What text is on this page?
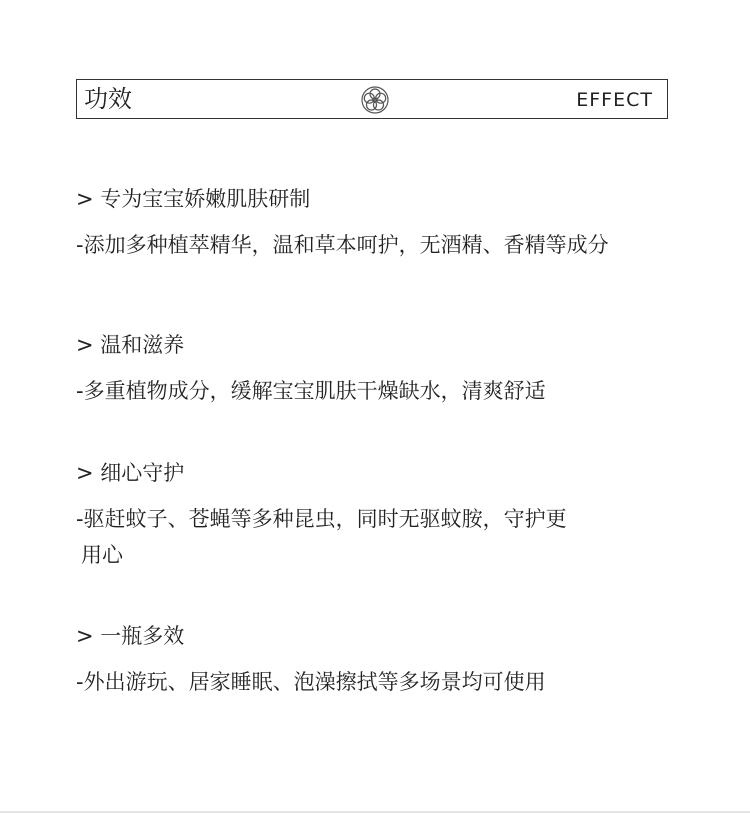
功效	EFFECT
> 专为宝宝娇嫩肌肤研制
-添加多种植萃精华，温和草本呵护，无酒精、香精等成分
> 温和滋养
-多重植物成分，缓解宝宝肌肤干燥缺水，清爽舒适
> 细心守护
-驱赶蚊子、苍蝇等多种昆虫，同时无驱蚊胺，守护更
用心
> 一瓶多效
-外出游玩、居家睡眠、泡澡擦拭等多场景均可使用
